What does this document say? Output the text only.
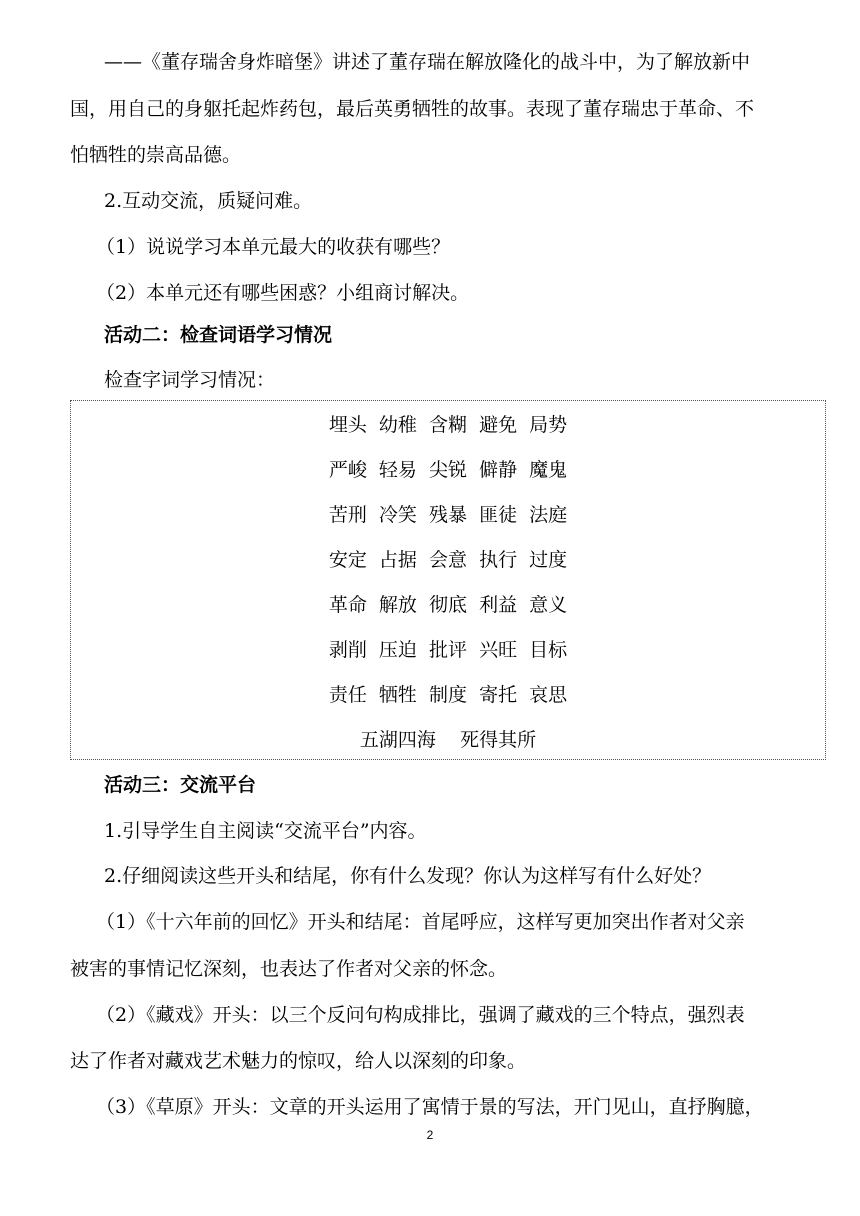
——《董存瑞舍身炸暗堡》讲述了董存瑞在解放隆化的战斗中，为了解放新中
国，用自己的身躯托起炸药包，最后英勇牺牲的故事。表现了董存瑞忠于革命、不
怕牺牲的崇高品德。
2.互动交流，质疑问难。
（1）说说学习本单元最大的收获有哪些？
（2）本单元还有哪些困惑？小组商讨解决。
活动二：检查词语学习情况
检查字词学习情况：
埋头  幼稚  含糊  避免  局势
严峻  轻易  尖锐  僻静  魔鬼
苦刑  冷笑  残暴  匪徒  法庭
安定  占据  会意  执行  过度
革命  解放  彻底  利益  意义
剥削  压迫  批评  兴旺  目标
责任  牺牲  制度  寄托  哀思
五湖四海    死得其所
活动三：交流平台
1.引导学生自主阅读“交流平台”内容。
2.仔细阅读这些开头和结尾，你有什么发现？你认为这样写有什么好处？
（1）《十六年前的回忆》开头和结尾：首尾呼应，这样写更加突出作者对父亲
被害的事情记忆深刻，也表达了作者对父亲的怀念。
（2）《藏戏》开头：以三个反问句构成排比，强调了藏戏的三个特点，强烈表
达了作者对藏戏艺术魅力的惊叹，给人以深刻的印象。
（3）《草原》开头：文章的开头运用了寓情于景的写法，开门见山，直抒胸臆，
2
